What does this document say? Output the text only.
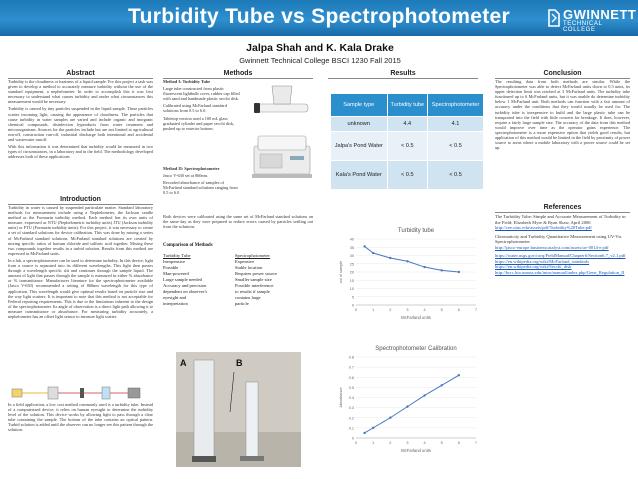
Turbidity Tube vs Spectrophotometer	GWINNETT
TECHNICAL COLLEGE
Jalpa Shah and K. Kala Drake
Gwinnett Technical College BSCI 1230 Fall 2015
Abstract

Turbidity is the cloudiness or haziness of a liquid sample. For this project a task was given to develop a method to accurately measure turbidity without the use of the standard equipment, a nephelometer. In order to accomplish this it was first necessary to understand what causes turbidity and under what circumstances this measurement would be necessary.

Turbidity is caused by tiny particles suspended in the liquid sample. These particles scatter incoming light, causing the appearance of cloudiness. The particles that cause turbidity in water samples are varied and include organic and inorganic chemical compounds, disinfection byproducts from water treatment and microorganisms. Sources for the particles include but are not limited to agricultural run-off, construction run-off, industrial discharge both intentional and accidental and wastewater runoff.

With this information it was determined that turbidity would be measured in two types of circumstances, in a laboratory and in the field. The methodology developed addresses both of these applications.

Introduction

Turbidity in water is caused by suspended particulate matter. Standard laboratory methods for measurement include using a Nephelometer, the Jackson candle method or the Formazin turbidity method. Each method has its own units of measure, expressed as NTU (Nephelometric turbidity units) JTU (Jackson turbidity units) or FTU (Formazin turbidity units). For this project, it was necessary to create a set of standard solutions for device calibration. This was done by mixing a series of McFarland standard solutions. McFarland standard solutions are created by mixing specific ratios of barium chloride and sulfuric acid together. Mixing these two compounds together results in a turbid solution. Results from this method are expressed in McFarland units.

In a lab, a spectrophotometer can be used to determine turbidity. In this device, light from a source is separated into its different wavelengths. This light then passes through a wavelength specific slit and continues through the sample liquid. The amount of light that passes through the sample is measured in either % absorbance or % transmittance. Manufacturer literature for the spectrophotometer available (Jasco V-630) recommended a setting of 860nm wavelength for this type of application. This wavelength would give optimal results based on particle size and the way light scatters. It is important to note that this method is not acceptable for Federal reporting requirements. This is due to the limitations inherent to the design of the spectrophotometer. Its angle of observation is a direct light path allowing it to measure transmittance or absorbance. For measuring turbidity accurately, a nephelometer has an offset light sensor to measure light scatter.

In a field application, a low cost method commonly used is a turbidity tube. Instead of a computerized device, it relies on human eyesight to determine the turbidity level of the solution. This device works by allowing light to pass through a clear tube containing the sample. The bottom of the tube contains an optical pattern. Turbid solution is added until the observer can no longer see this pattern through the solution.
Methods

Method I: Turbidity Tube

Large tube constructed from plastic fluorescent lightbulb cover, rubber cap filled with sand and handmade plastic secchi disk.

Calibrated using McFarland standard solutions from 0.5 to 6.0.

Tabletop version used a 100 mL glass graduated cylinder and paper secchi disk, pushed up to exterior bottom.

Method II: Spectrophotometer

Jasco V-630 set at 860nm.

Recorded absorbance of samples of McFarland standard solutions ranging from 0.5 to 6.0

Both devices were calibrated using the same set of McFarland standard solutions on the same day as they were prepared to reduce errors caused by particles settling out from the solutions.
Comparison of Methods
Turbidity Tube	Spectrophotometer
Inexpensive	Expensive
Portable	Stable location
Man-powered	Requires power source
Large sample needed	Smaller sample size
Accuracy and precision	Possible interference
dependent on observer's	to results if sample
eyesight and	contains large
interpretation	particle
A	B
Results
Sample type	Turbidity tube	Spectrophotometer
unknown	4.4	4.1
Jalpa's Pond Water	< 0.5	< 0.5
Kala's Pond Water	< 0.5	< 0.5
Turbidity tube
0
5
10
15
20
25
30
35
40
0	1	2	3	4	5	6	7
McFarland units
cm of sample
Spectrophotometer Calibration
0
0.1
0.2
0.3
0.4
0.5
0.6
0.7
0.8
0	1	2	3	4	5	6	7
McFarland units
Absorbance
Conclusion
The resulting data from both methods are similar. While the Spectrophotometer was able to detect McFarland units down to 0.5 units, its upper detection limit was reached at 3 McFarland units. The turbidity tube functioned up to 6 McFarland units, but it was unable do determine turbidity below 1 McFarland unit. Both methods can function with a fair amount of accuracy under the conditions that they would usually be used for. The turbidity tube is inexpensive to build and the large plastic tube can be transported into the field with little concern for breakage. It does, however, require a fairly large sample size. The accuracy of the data from this method would improve over time as the operator gains experience. The spectrophotometer is a more expensive option that yields good results, but application of this method would be limited in the field by proximity of power source to areas where a mobile laboratory with a power source could be set up.
References

The Turbidity Tube: Simple and Accurate Measurement of Turbidity in the Field; Elizabeth Myre & Ryan Shaw, April 2006
http://cee.uiuc.edu/assets/pdf/Turbidity%20Tube.pdf

Chromaticity and Turbidity Quantitative Measurement using UV-Vis Spectrophotometer
http://jasco-europe.businesscatalyst.com/assets/uv-0014-e.pdf

https://water.usgs.gov/owq/FieldManual/Chapter6/Section6.7_v2.1.pdf

https://en.wikipedia.org/wiki/McFarland_standards

https://en.wikipedia.org/wiki/Secchi_disk

http://bcrc.bio.umass.edu/intro/manual/index.php/Gene_Regulation_II
